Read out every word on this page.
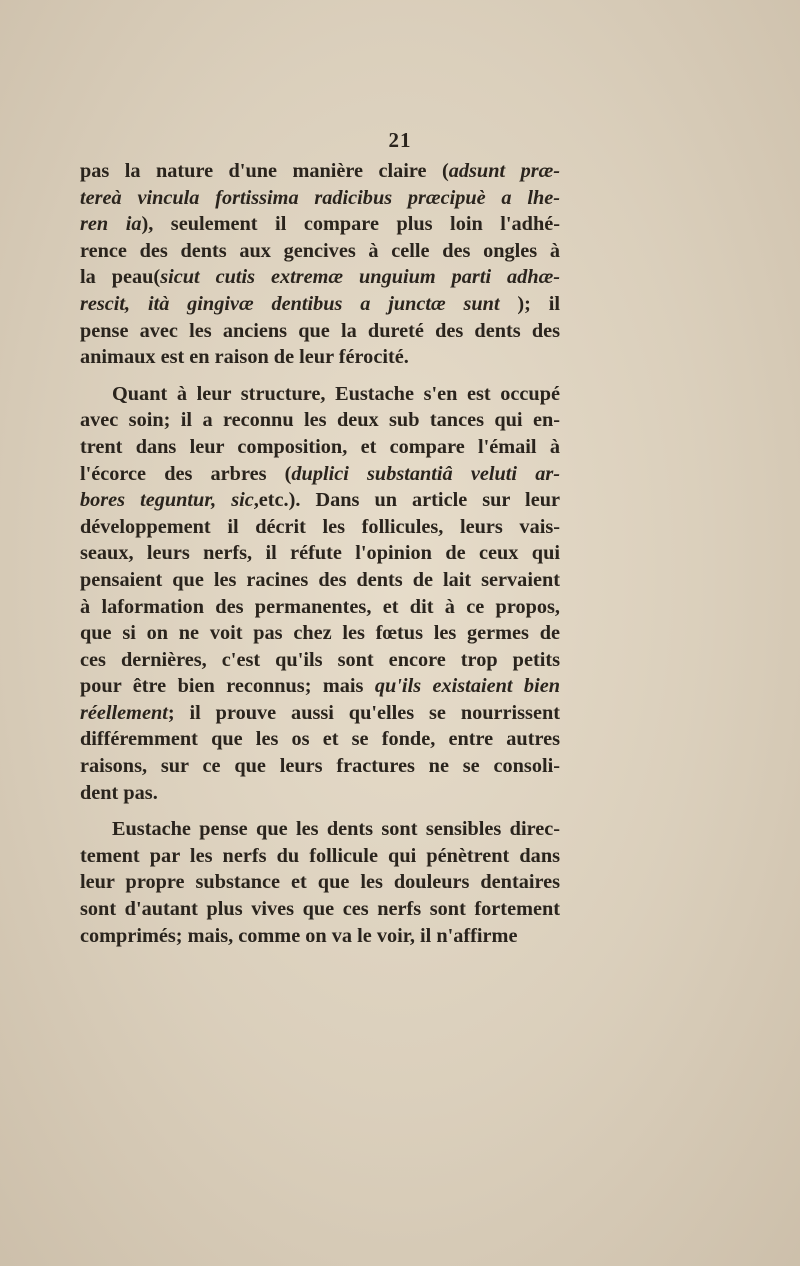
21
pas la nature d'une manière claire (adsunt præ-
tereà vincula fortissima radicibus præcipuè a lhe-
ren ia), seulement il compare plus loin l'adhé-
rence des dents aux gencives à celle des ongles à
la peau(sicut cutis extremæ unguium parti adhæ-
rescit, ità gingivæ dentibus a junctæ sunt ); il
pense avec les anciens que la dureté des dents des
animaux est en raison de leur férocité.
Quant à leur structure, Eustache s'en est occupé
avec soin; il a reconnu les deux sub tances qui en-
trent dans leur composition, et compare l'émail à
l'écorce des arbres (duplici substantiâ veluti ar-
bores teguntur, sic,etc.). Dans un article sur leur
développement il décrit les follicules, leurs vais-
seaux, leurs nerfs, il réfute l'opinion de ceux qui
pensaient que les racines des dents de lait servaient
à laformation des permanentes, et dit à ce propos,
que si on ne voit pas chez les fœtus les germes de
ces dernières, c'est qu'ils sont encore trop petits
pour être bien reconnus; mais qu'ils existaient bien
réellement; il prouve aussi qu'elles se nourrissent
différemment que les os et se fonde, entre autres
raisons, sur ce que leurs fractures ne se consoli-
dent pas.
Eustache pense que les dents sont sensibles direc-
tement par les nerfs du follicule qui pénètrent dans
leur propre substance et que les douleurs dentaires
sont d'autant plus vives que ces nerfs sont fortement
comprimés; mais, comme on va le voir, il n'affirme
